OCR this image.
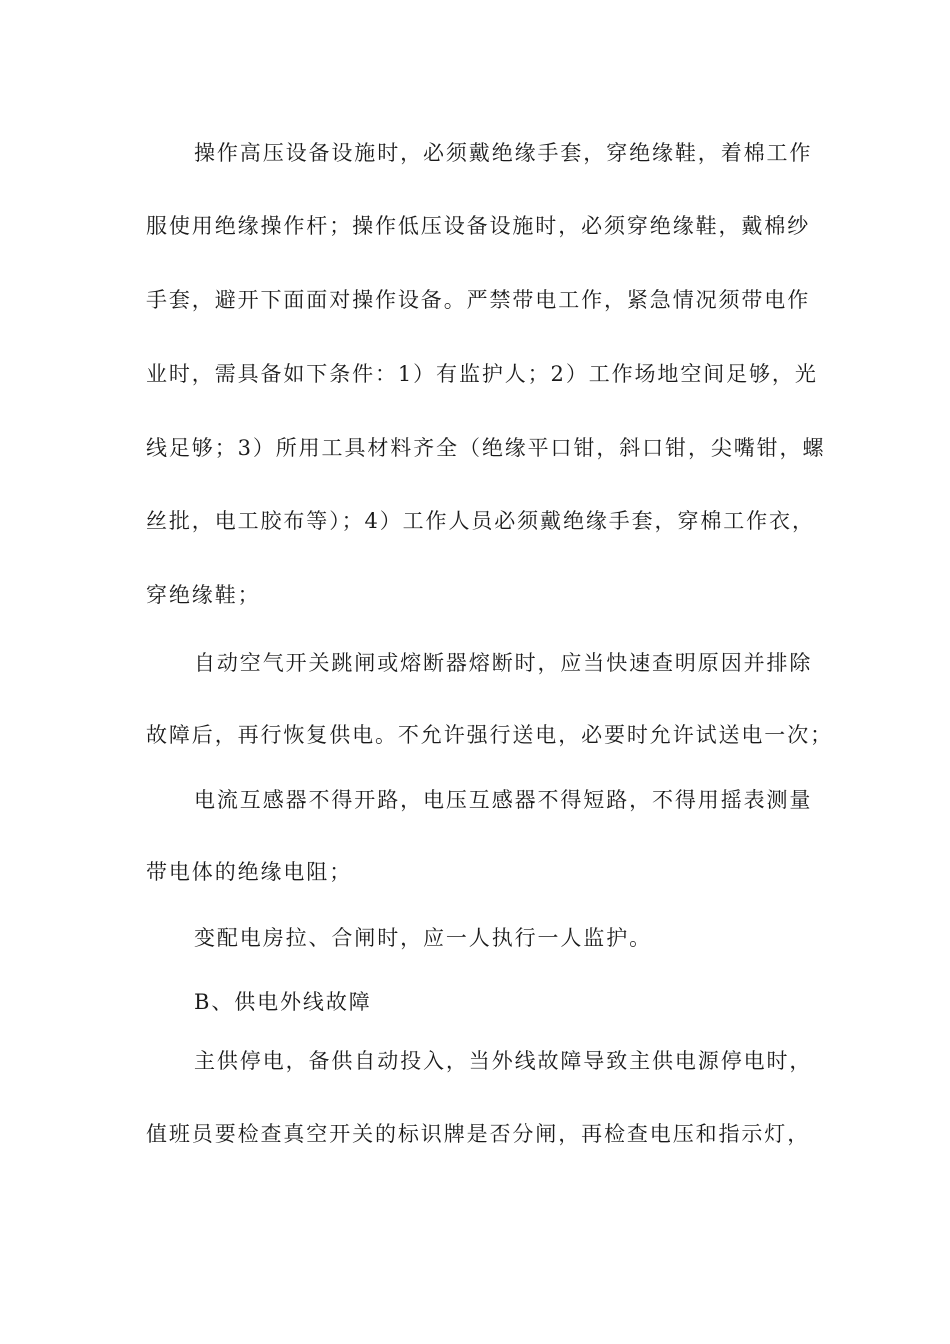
操作高压设备设施时，必须戴绝缘手套，穿绝缘鞋，着棉工作
服使用绝缘操作杆；操作低压设备设施时，必须穿绝缘鞋，戴棉纱
手套，避开下面面对操作设备。严禁带电工作，紧急情况须带电作
业时，需具备如下条件：1）有监护人；2）工作场地空间足够，光
线足够；3）所用工具材料齐全（绝缘平口钳，斜口钳，尖嘴钳，螺
丝批，电工胶布等）；4）工作人员必须戴绝缘手套，穿棉工作衣，
穿绝缘鞋；
自动空气开关跳闸或熔断器熔断时，应当快速查明原因并排除
故障后，再行恢复供电。不允许强行送电，必要时允许试送电一次；
电流互感器不得开路，电压互感器不得短路，不得用摇表测量
带电体的绝缘电阻；
变配电房拉、合闸时，应一人执行一人监护。
B、供电外线故障
主供停电，备供自动投入，当外线故障导致主供电源停电时，
值班员要检查真空开关的标识牌是否分闸，再检查电压和指示灯，
